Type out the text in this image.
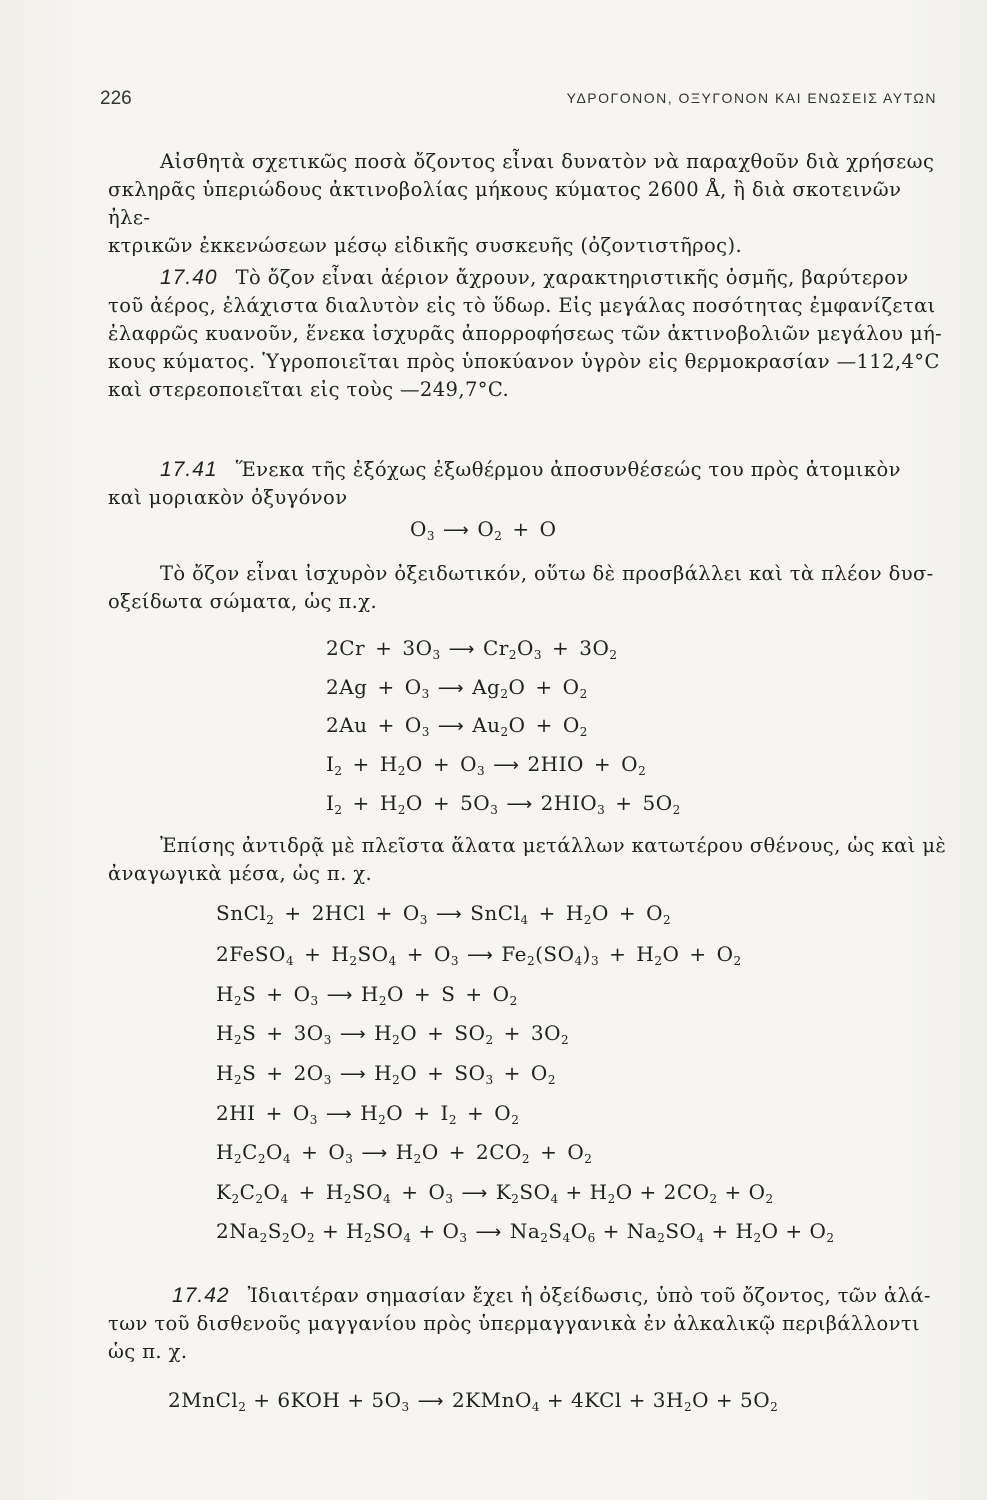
226	ΥΔΡΟΓΟΝΟΝ, ΟΞΥΓΟΝΟΝ ΚΑΙ ΕΝΩΣΕΙΣ ΑΥΤΩΝ
Αἰσθητὰ σχετικῶς ποσὰ ὄζοντος εἶναι δυνατὸν νὰ παραχθοῦν διὰ χρήσεως
σκληρᾶς ὑπεριώδους ἀκτινοβολίας μήκους κύματος 2600 Å, ἢ διὰ σκοτεινῶν ἠλε-
κτρικῶν ἐκκενώσεων μέσῳ εἰδικῆς συσκευῆς (ὀζοντιστῆρος).
17.40 Τὸ ὄζον εἶναι ἀέριον ἄχρουν, χαρακτηριστικῆς ὀσμῆς, βαρύτερον
τοῦ ἀέρος, ἐλάχιστα διαλυτὸν εἰς τὸ ὕδωρ. Εἰς μεγάλας ποσότητας ἐμφανίζεται
ἐλαφρῶς κυανοῦν, ἕνεκα ἰσχυρᾶς ἀπορροφήσεως τῶν ἀκτινοβολιῶν μεγάλου μή-
κους κύματος. Ὑγροποιεῖται πρὸς ὑποκύανον ὑγρὸν εἰς θερμοκρασίαν —112,4°C
καὶ στερεοποιεῖται εἰς τοὺς —249,7°C.
17.41 Ἕνεκα τῆς ἐξόχως ἐξωθέρμου ἀποσυνθέσεώς του πρὸς ἀτομικὸν
καὶ μοριακὸν ὀξυγόνον
$O_3$ ⟶ $O_2 + O$
Τὸ ὄζον εἶναι ἰσχυρὸν ὀξειδωτικόν, οὕτω δὲ προσβάλλει καὶ τὰ πλέον δυσ-
οξείδωτα σώματα, ὡς π.χ.
$2Cr + 3O_3$ ⟶ $Cr_2O_3 + 3O_2$
$2Ag + O_3$ ⟶ $Ag_2O + O_2$
$2Au + O_3$ ⟶ $Au_2O + O_2$
$I_2 + H_2O + O_3$ ⟶ $2HIO + O_2$
$I_2 + H_2O + 5O_3$ ⟶ $2HIO_3 + 5O_2$
Ἐπίσης ἀντιδρᾷ μὲ πλεῖστα ἅλατα μετάλλων κατωτέρου σθένους, ὡς καὶ μὲ
ἀναγωγικὰ μέσα, ὡς π. χ.
SnCl$_2$ + $2HCl + O_3$ ⟶ SnCl$_4$ + $H_2O + O_2$
2FeSO$_4$ + $H_2SO_4 + O_3$ ⟶ $Fe_2(SO_4)_3 + H_2O + O_2$
$H_2S + O_3$ ⟶ $H_2O + S + O_2$
$H_2S + 3O_3$ ⟶ $H_2O + SO_2 + 3O_2$
$H_2S + 2O_3$ ⟶ $H_2O + SO_3 + O_2$
$2HI + O_3$ ⟶ $H_2O + I_2 + O_2$
$H_2C_2O_4 + O_3$ ⟶ $H_2O + 2CO_2 + O_2$
$K_2C_2O_4 + H_2SO_4 + O_3$ ⟶ $K_2SO_4 + H_2O + 2CO_2 + O_2$
$2Na_2S_2O_2 + H_2SO_4 + O_3$ ⟶ $Na_2S_4O_6 + Na_2SO_4 + H_2O + O_2$
17.42 Ἰδιαιτέραν σημασίαν ἔχει ἡ ὀξείδωσις, ὑπὸ τοῦ ὄζοντος, τῶν ἁλά-
των τοῦ δισθενοῦς μαγγανίου πρὸς ὑπερμαγγανικὰ ἐν ἀλκαλικῷ περιβάλλοντι
ὡς π. χ.
2MnCl$_2$ + $6KOH + 5O_3$ ⟶ 2KMnO$_4$ + $4KCl + 3H_2O + 5O_2$
